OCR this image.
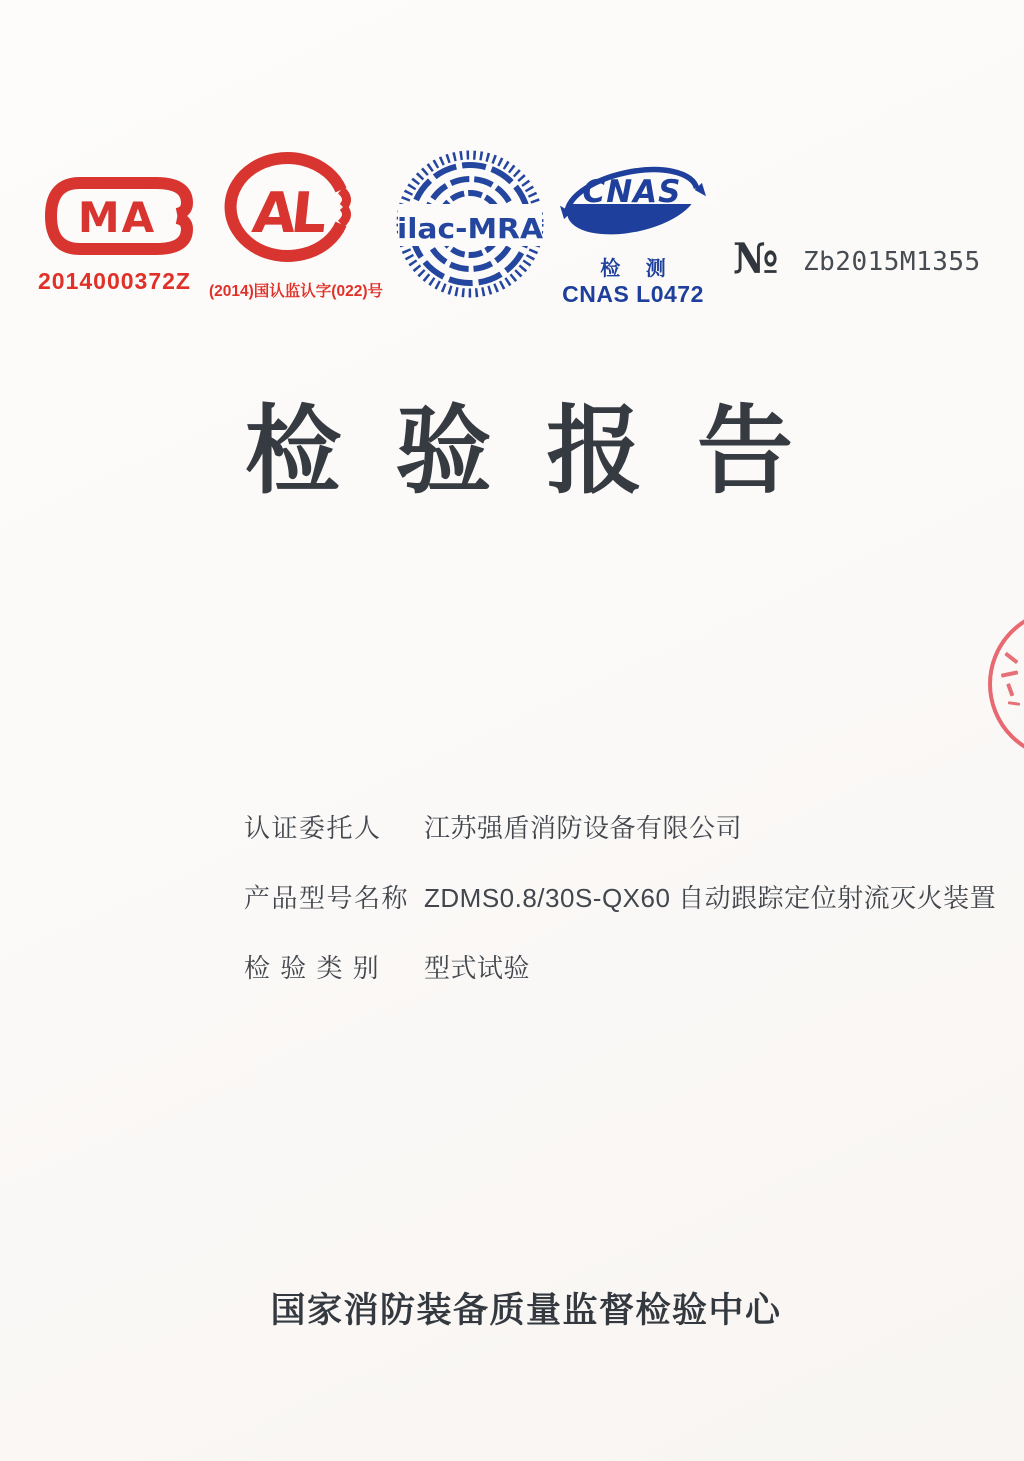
MA
2014000372Z
AL
(2014)国认监认字(022)号
ilac-MRA
CNAS
检 测
CNAS L0472
№ Zb2015M1355
检 验 报 告
认证委托人 江苏强盾消防设备有限公司
产品型号名称 ZDMS0.8/30S-QX60 自动跟踪定位射流灭火装置
检 验 类 别 型式试验
国家消防装备质量监督检验中心
